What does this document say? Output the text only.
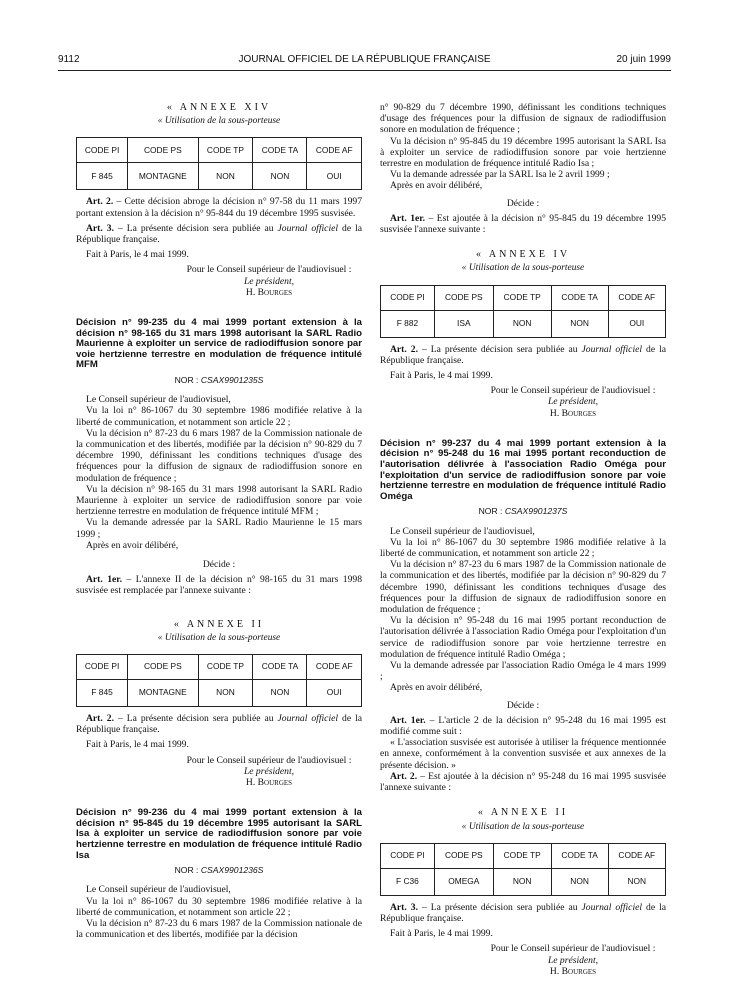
9112	JOURNAL OFFICIEL DE LA RÉPUBLIQUE FRANÇAISE	20 juin 1999
« ANNEXE XIV
« Utilisation de la sous-porteuse
CODE PI	CODE PS	CODE TP	CODE TA	CODE AF
F 845	MONTAGNE	NON	NON	OUI

Art. 2. – Cette décision abroge la décision n° 97-58 du 11 mars 1997 portant extension à la décision n° 95-844 du 19 décembre 1995 susvisée.

Art. 3. – La présente décision sera publiée au Journal officiel de la République française.

Fait à Paris, le 4 mai 1999.

Pour le Conseil supérieur de l'audiovisuel :
Le président,
H. Bourges
Décision n° 99-235 du 4 mai 1999 portant extension à la décision n° 98-165 du 31 mars 1998 autorisant la SARL Radio Maurienne à exploiter un service de radiodiffusion sonore par voie hertzienne terrestre en modulation de fréquence intitulé MFM
NOR : CSAX9901235S

Le Conseil supérieur de l'audiovisuel,

Vu la loi n° 86-1067 du 30 septembre 1986 modifiée relative à la liberté de communication, et notamment son article 22 ;

Vu la décision n° 87-23 du 6 mars 1987 de la Commission nationale de la communication et des libertés, modifiée par la décision n° 90-829 du 7 décembre 1990, définissant les conditions techniques d'usage des fréquences pour la diffusion de signaux de radiodiffusion sonore en modulation de fréquence ;

Vu la décision n° 98-165 du 31 mars 1998 autorisant la SARL Radio Maurienne à exploiter un service de radiodiffusion sonore par voie hertzienne terrestre en modulation de fréquence intitulé MFM ;

Vu la demande adressée par la SARL Radio Maurienne le 15 mars 1999 ;

Après en avoir délibéré,

Décide :

Art. 1er. – L'annexe II de la décision n° 98-165 du 31 mars 1998 susvisée est remplacée par l'annexe suivante :

« ANNEXE II
« Utilisation de la sous-porteuse
CODE PI	CODE PS	CODE TP	CODE TA	CODE AF
F 845	MONTAGNE	NON	NON	OUI

Art. 2. – La présente décision sera publiée au Journal officiel de la République française.

Fait à Paris, le 4 mai 1999.

Pour le Conseil supérieur de l'audiovisuel :
Le président,
H. Bourges
Décision n° 99-236 du 4 mai 1999 portant extension à la décision n° 95-845 du 19 décembre 1995 autorisant la SARL Isa à exploiter un service de radiodiffusion sonore par voie hertzienne terrestre en modulation de fréquence intitulé Radio Isa
NOR : CSAX9901236S

Le Conseil supérieur de l'audiovisuel,

Vu la loi n° 86-1067 du 30 septembre 1986 modifiée relative à la liberté de communication, et notamment son article 22 ;

Vu la décision n° 87-23 du 6 mars 1987 de la Commission nationale de la communication et des libertés, modifiée par la décision

n° 90-829 du 7 décembre 1990, définissant les conditions techniques d'usage des fréquences pour la diffusion de signaux de radiodiffusion sonore en modulation de fréquence ;

Vu la décision n° 95-845 du 19 décembre 1995 autorisant la SARL Isa à exploiter un service de radiodiffusion sonore par voie hertzienne terrestre en modulation de fréquence intitulé Radio Isa ;

Vu la demande adressée par la SARL Isa le 2 avril 1999 ;

Après en avoir délibéré,

Décide :

Art. 1er. – Est ajoutée à la décision n° 95-845 du 19 décembre 1995 susvisée l'annexe suivante :

« ANNEXE IV
« Utilisation de la sous-porteuse
CODE PI	CODE PS	CODE TP	CODE TA	CODE AF
F 882	ISA	NON	NON	OUI

Art. 2. – La présente décision sera publiée au Journal officiel de la République française.

Fait à Paris, le 4 mai 1999.

Pour le Conseil supérieur de l'audiovisuel :
Le président,
H. Bourges
Décision n° 99-237 du 4 mai 1999 portant extension à la décision n° 95-248 du 16 mai 1995 portant reconduction de l'autorisation délivrée à l'association Radio Oméga pour l'exploitation d'un service de radiodiffusion sonore par voie hertzienne terrestre en modulation de fréquence intitulé Radio Oméga
NOR : CSAX9901237S

Le Conseil supérieur de l'audiovisuel,

Vu la loi n° 86-1067 du 30 septembre 1986 modifiée relative à la liberté de communication, et notamment son article 22 ;

Vu la décision n° 87-23 du 6 mars 1987 de la Commission nationale de la communication et des libertés, modifiée par la décision n° 90-829 du 7 décembre 1990, définissant les conditions techniques d'usage des fréquences pour la diffusion de signaux de radiodiffusion sonore en modulation de fréquence ;

Vu la décision n° 95-248 du 16 mai 1995 portant reconduction de l'autorisation délivrée à l'association Radio Oméga pour l'exploitation d'un service de radiodiffusion sonore par voie hertzienne terrestre en modulation de fréquence intitulé Radio Oméga ;

Vu la demande adressée par l'association Radio Oméga le 4 mars 1999 ;

Après en avoir délibéré,

Décide :

Art. 1er. – L'article 2 de la décision n° 95-248 du 16 mai 1995 est modifié comme suit :

« L'association susvisée est autorisée à utiliser la fréquence mentionnée en annexe, conformément à la convention susvisée et aux annexes de la présente décision. »

Art. 2. – Est ajoutée à la décision n° 95-248 du 16 mai 1995 susvisée l'annexe suivante :

« ANNEXE II
« Utilisation de la sous-porteuse
CODE PI	CODE PS	CODE TP	CODE TA	CODE AF
F C36	OMEGA	NON	NON	NON

Art. 3. – La présente décision sera publiée au Journal officiel de la République française.

Fait à Paris, le 4 mai 1999.

Pour le Conseil supérieur de l'audiovisuel :
Le président,
H. Bourges
